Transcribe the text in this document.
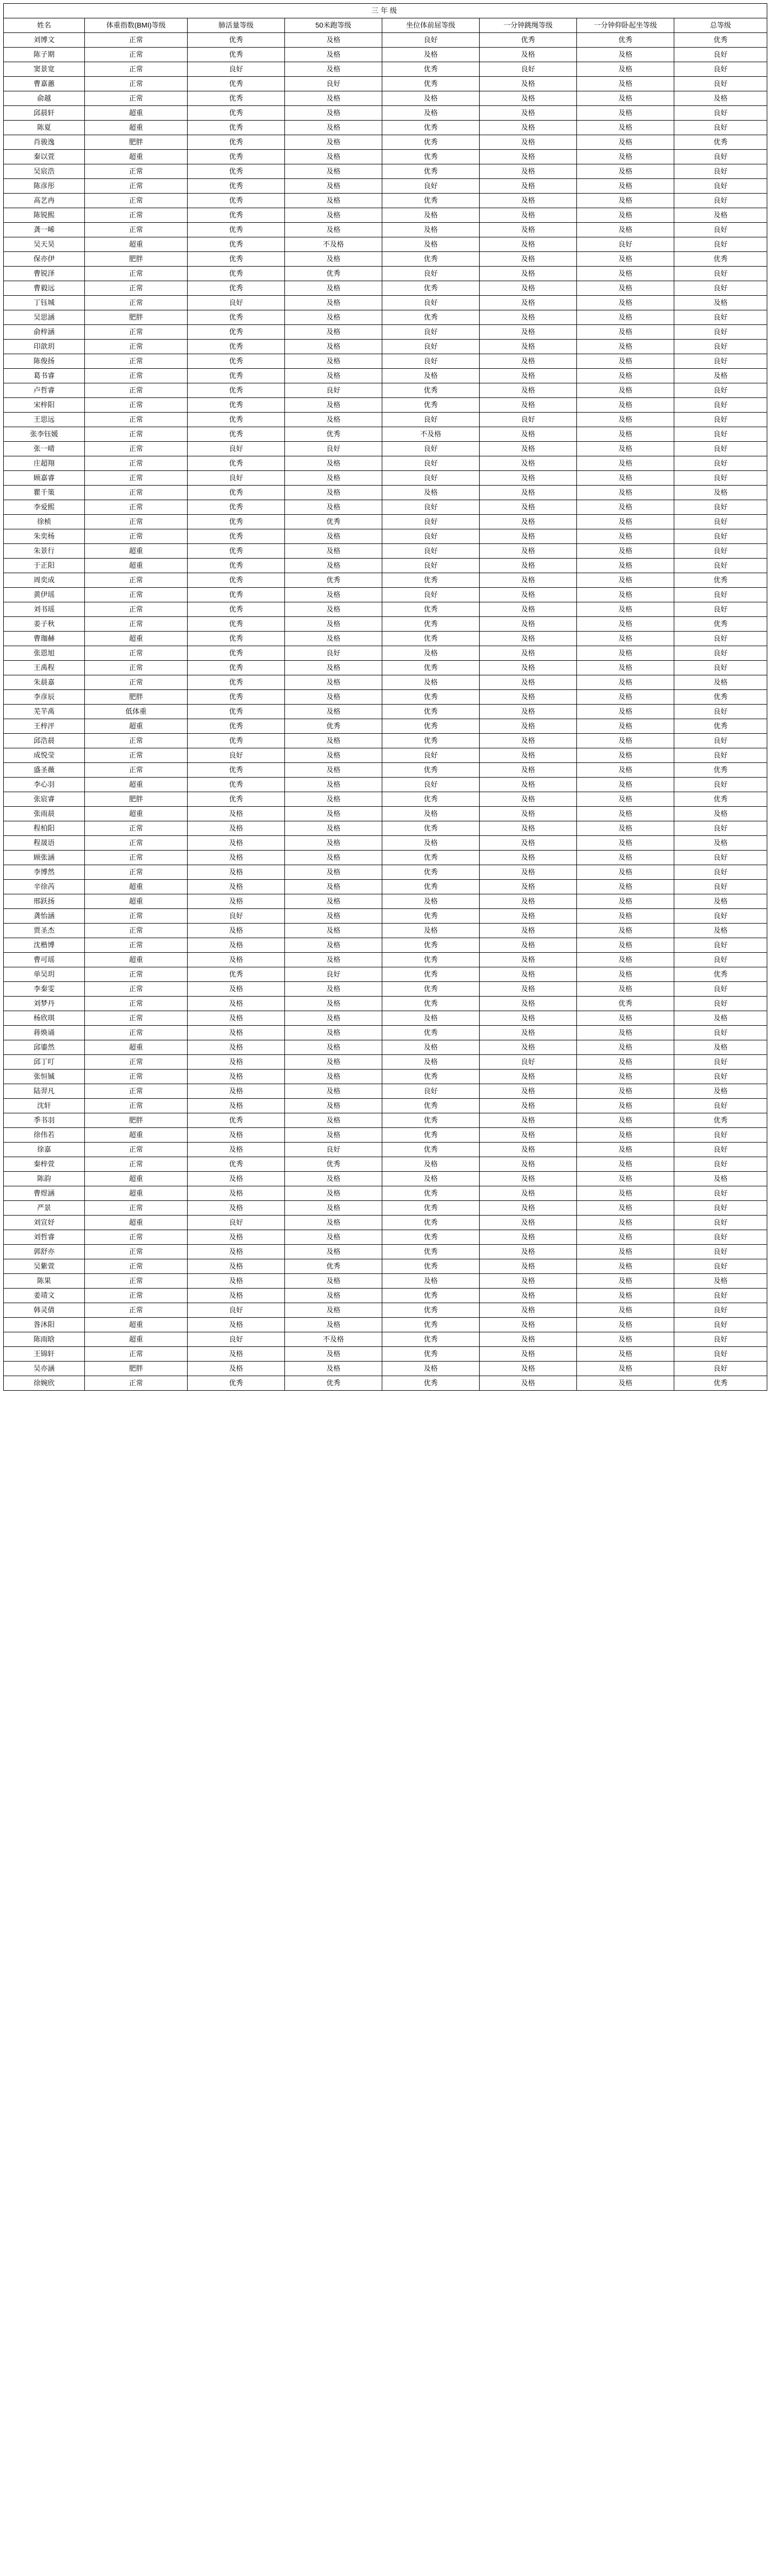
三年级							
姓名	体重指数(BMI)等级	肺活量等级	50米跑等级	坐位体前屈等级	一分钟跳绳等级	一分钟仰卧起坐等级	总等级
刘博文	正常	优秀	及格	良好	优秀	优秀	优秀
陈子期	正常	优秀	及格	及格	及格	及格	良好
窦景宽	正常	良好	及格	优秀	良好	及格	良好
曹嘉蕙	正常	优秀	良好	优秀	及格	及格	良好
俞越	正常	优秀	及格	及格	及格	及格	及格
邱晨轩	超重	优秀	及格	及格	及格	及格	良好
陈夏	超重	优秀	及格	优秀	及格	及格	良好
肖骏逸	肥胖	优秀	及格	优秀	及格	及格	优秀
秦以萱	超重	优秀	及格	优秀	及格	及格	良好
吴宸浩	正常	优秀	及格	优秀	及格	及格	良好
陈彦彤	正常	优秀	及格	良好	及格	及格	良好
高艺冉	正常	优秀	及格	优秀	及格	及格	良好
陈锐熙	正常	优秀	及格	及格	及格	及格	及格
龚一晞	正常	优秀	及格	及格	及格	及格	良好
吴天昊	超重	优秀	不及格	及格	及格	良好	良好
保亦伊	肥胖	优秀	及格	优秀	及格	及格	优秀
曹锐泽	正常	优秀	优秀	良好	及格	及格	良好
曹毅远	正常	优秀	及格	优秀	及格	及格	良好
丁钰城	正常	良好	及格	良好	及格	及格	及格
吴思涵	肥胖	优秀	及格	优秀	及格	及格	良好
俞梓涵	正常	优秀	及格	良好	及格	及格	良好
印歆玥	正常	优秀	及格	良好	及格	及格	良好
陈俊扬	正常	优秀	及格	良好	及格	及格	良好
葛书睿	正常	优秀	及格	及格	及格	及格	及格
卢哲睿	正常	优秀	良好	优秀	及格	及格	良好
宋梓阳	正常	优秀	及格	优秀	及格	及格	良好
王思远	正常	优秀	及格	良好	良好	及格	良好
张李钰媛	正常	优秀	优秀	不及格	及格	及格	良好
张一晴	正常	良好	良好	良好	及格	及格	良好
庄超翔	正常	优秀	及格	良好	及格	及格	良好
顾嘉睿	正常	良好	及格	良好	及格	及格	良好
瞿千策	正常	优秀	及格	及格	及格	及格	及格
李爱熙	正常	优秀	及格	良好	及格	及格	良好
徐桢	正常	优秀	优秀	良好	及格	及格	良好
朱奕杨	正常	优秀	及格	良好	及格	及格	良好
朱景行	超重	优秀	及格	良好	及格	及格	良好
于正阳	超重	优秀	及格	良好	及格	及格	良好
周奕成	正常	优秀	优秀	优秀	及格	及格	优秀
黄伊瑶	正常	优秀	及格	良好	及格	及格	良好
刘书瑶	正常	优秀	及格	优秀	及格	及格	良好
姜子秋	正常	优秀	及格	优秀	及格	及格	优秀
曹珈赫	超重	优秀	及格	优秀	及格	及格	良好
张恩旭	正常	优秀	良好	及格	及格	及格	良好
王禹程	正常	优秀	及格	优秀	及格	及格	良好
朱晨嘉	正常	优秀	及格	及格	及格	及格	及格
李彦辰	肥胖	优秀	及格	优秀	及格	及格	优秀
芜芉禹	低体重	优秀	及格	优秀	及格	及格	良好
王梓泙	超重	优秀	优秀	优秀	及格	及格	优秀
邱浩晨	正常	优秀	及格	优秀	及格	及格	良好
成悦莹	正常	良好	及格	良好	及格	及格	良好
盛圣薇	正常	优秀	及格	优秀	及格	及格	优秀
李心羽	超重	优秀	及格	良好	及格	及格	良好
张宸睿	肥胖	优秀	及格	优秀	及格	及格	优秀
张雨晨	超重	及格	及格	及格	及格	及格	及格
程柏阳	正常	及格	及格	优秀	及格	及格	良好
程晟语	正常	及格	及格	及格	及格	及格	及格
顾张涵	正常	及格	及格	优秀	及格	及格	良好
李博然	正常	及格	及格	优秀	及格	及格	良好
辛徐芮	超重	及格	及格	优秀	及格	及格	良好
邢跃扬	超重	及格	及格	及格	及格	及格	及格
龚怡涵	正常	良好	及格	优秀	及格	及格	良好
贾圣杰	正常	及格	及格	及格	及格	及格	及格
沈楷博	正常	及格	及格	优秀	及格	及格	良好
曹可瑶	超重	及格	及格	优秀	及格	及格	良好
单吴玥	正常	优秀	良好	优秀	及格	及格	优秀
李秦雯	正常	及格	及格	优秀	及格	及格	良好
刘梦丹	正常	及格	及格	优秀	及格	优秀	良好
杨欣琪	正常	及格	及格	及格	及格	及格	及格
蒋焕诵	正常	及格	及格	优秀	及格	及格	良好
邱鎏然	超重	及格	及格	及格	及格	及格	及格
邱丁叮	正常	及格	及格	及格	良好	及格	良好
张恒铖	正常	及格	及格	优秀	及格	及格	良好
陆羿凡	正常	及格	及格	良好	及格	及格	及格
沈轩	正常	及格	及格	优秀	及格	及格	良好
季书羽	肥胖	优秀	及格	优秀	及格	及格	优秀
徐伟若	超重	及格	及格	优秀	及格	及格	良好
徐嘉	正常	及格	良好	优秀	及格	及格	良好
秦梓萱	正常	优秀	优秀	及格	及格	及格	良好
陈韵	超重	及格	及格	及格	及格	及格	及格
曹煜涵	超重	及格	及格	优秀	及格	及格	良好
严景	正常	及格	及格	优秀	及格	及格	良好
刘宣妤	超重	良好	及格	优秀	及格	及格	良好
刘哲睿	正常	及格	及格	优秀	及格	及格	良好
郭舒亦	正常	及格	及格	优秀	及格	及格	良好
吴紫萱	正常	及格	优秀	优秀	及格	及格	良好
陈果	正常	及格	及格	及格	及格	及格	及格
姜靖文	正常	及格	及格	优秀	及格	及格	良好
韩灵倩	正常	良好	及格	优秀	及格	及格	良好
昝沐阳	超重	及格	及格	优秀	及格	及格	良好
陈雨晗	超重	良好	不及格	优秀	及格	及格	良好
王锦轩	正常	及格	及格	优秀	及格	及格	良好
吴亦涵	肥胖	及格	及格	及格	及格	及格	良好
徐婉欣	正常	优秀	优秀	优秀	及格	及格	优秀
